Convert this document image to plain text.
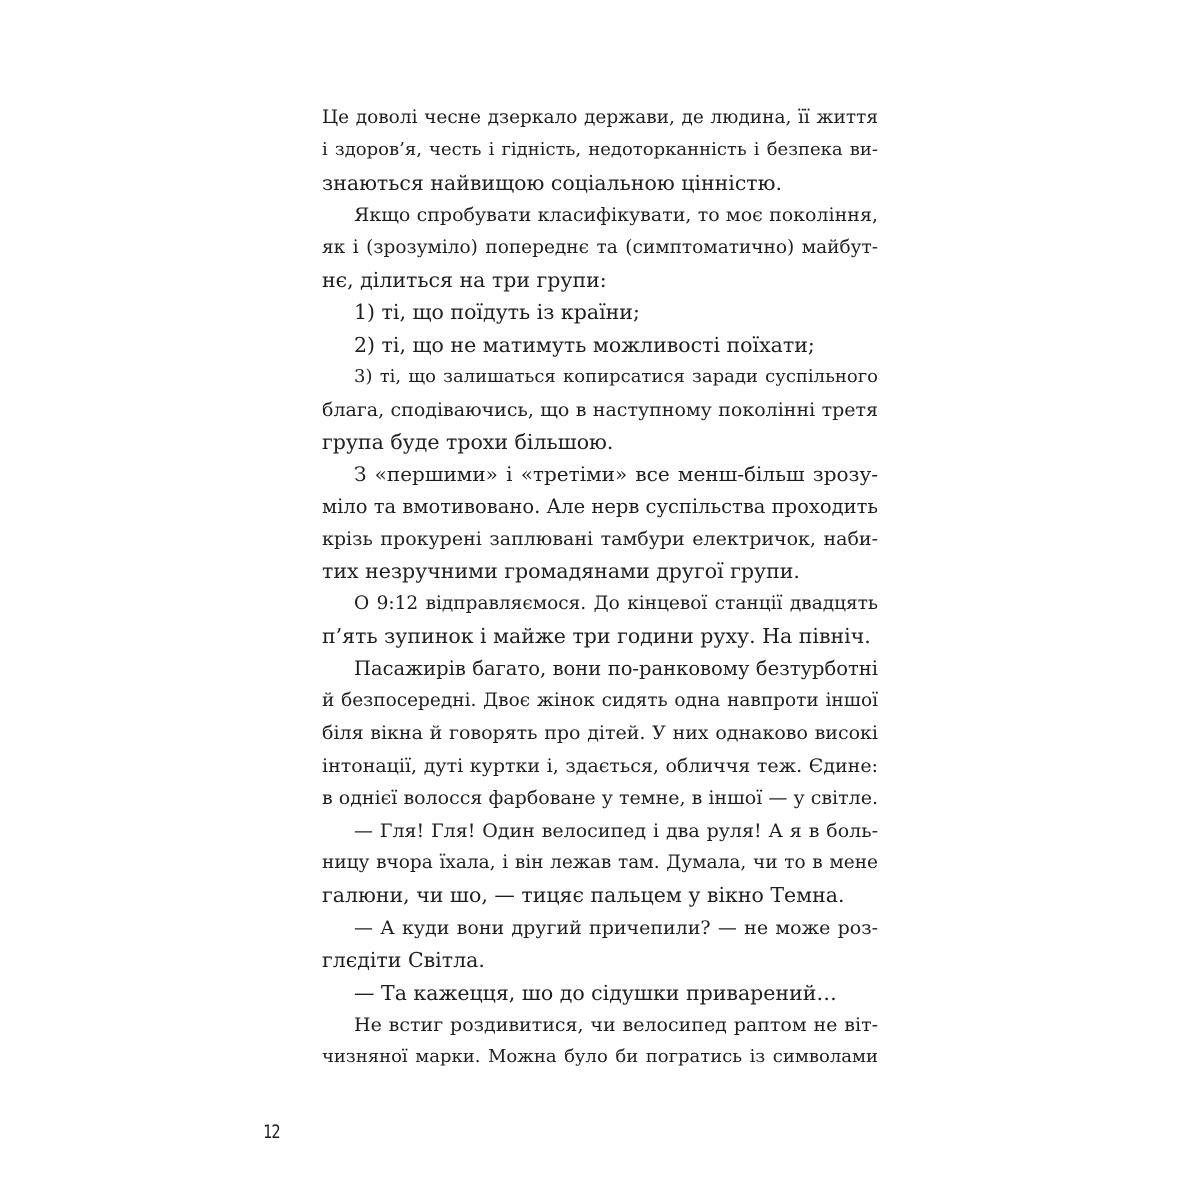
Це доволі чесне дзеркало держави, де людина, її життя
і здоров’я, честь і гідність, недоторканність і безпека ви-
знаються найвищою соціальною цінністю.
Якщо спробувати класифікувати, то моє покоління,
як і (зрозуміло) попереднє та (симптоматично) майбут-
нє, ділиться на три групи:
1) ті, що поїдуть із країни;
2) ті, що не матимуть можливості поїхати;
3) ті, що залишаться копирсатися заради суспільного
блага, сподіваючись, що в наступному поколінні третя
група буде трохи більшою.
З «першими» і «третіми» все менш-більш зрозу-
міло та вмотивовано. Але нерв суспільства проходить
крізь прокурені заплювані тамбури електричок, наби-
тих незручними громадянами другої групи.
О 9:12 відправляємося. До кінцевої станції двадцять
п’ять зупинок і майже три години руху. На північ.
Пасажирів багато, вони по-ранковому безтурботні
й безпосередні. Двоє жінок сидять одна навпроти іншої
біля вікна й говорять про дітей. У них однаково високі
інтонації, дуті куртки і, здається, обличчя теж. Єдине:
в однієї волосся фарбоване у темне, в іншої — у світле.
— Гля! Гля! Один велосипед і два руля! А я в боль-
ницу вчора їхала, і він лежав там. Думала, чи то в мене
галюни, чи шо, — тицяє пальцем у вікно Темна.
— А куди вони другий причепили? — не може роз-
глєдіти Світла.
— Та кажецця, шо до сідушки приварений…
Не встиг роздивитися, чи велосипед раптом не віт-
чизняної марки. Можна було би погратись із символами
12
